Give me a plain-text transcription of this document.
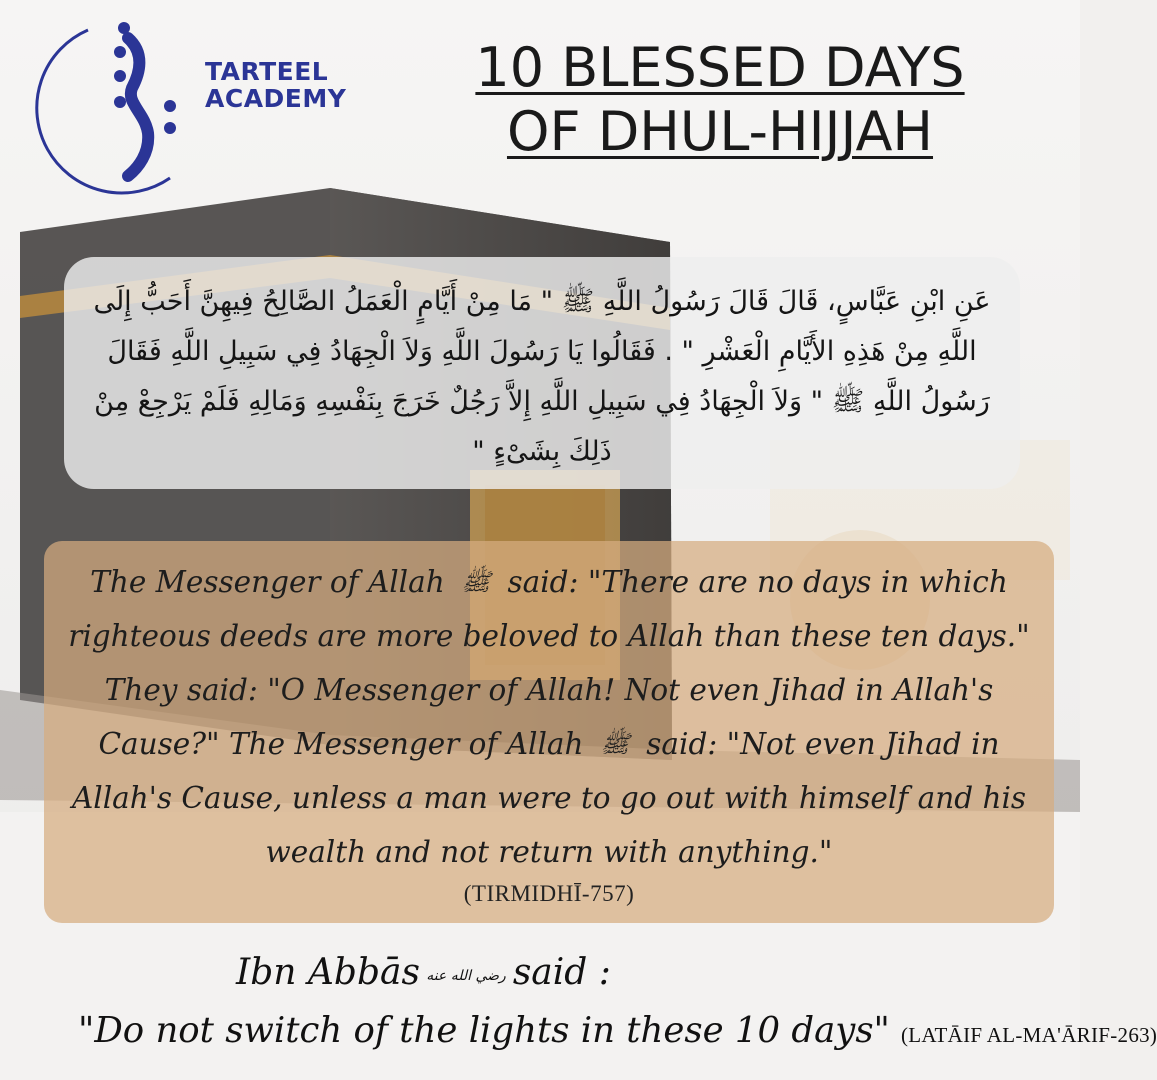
TARTEEL
ACADEMY	10 BLESSED DAYS
OF DHUL-HIJJAH
عَنِ ابْنِ عَبَّاسٍ، قَالَ قَالَ رَسُولُ اللَّهِ ﷺ " مَا مِنْ أَيَّامٍ الْعَمَلُ الصَّالِحُ فِيهِنَّ أَحَبُّ إِلَى اللَّهِ مِنْ هَذِهِ الأَيَّامِ الْعَشْرِ " . فَقَالُوا يَا رَسُولَ اللَّهِ وَلاَ الْجِهَادُ فِي سَبِيلِ اللَّهِ فَقَالَ رَسُولُ اللَّهِ ﷺ " وَلاَ الْجِهَادُ فِي سَبِيلِ اللَّهِ إِلاَّ رَجُلٌ خَرَجَ بِنَفْسِهِ وَمَالِهِ فَلَمْ يَرْجِعْ مِنْ ذَلِكَ بِشَىْءٍ "
The Messenger of Allah ﷺ said: "There are no days in which righteous deeds are more beloved to Allah than these ten days." They said: "O Messenger of Allah! Not even Jihad in Allah's Cause?" The Messenger of Allah ﷺ said: "Not even Jihad in Allah's Cause, unless a man were to go out with himself and his wealth and not return with anything."
(TIRMIDHĪ-757)
Ibn Abbās رضي الله عنه said :
"Do not switch of the lights in these 10 days" (LATĀIF AL-MA'ĀRIF-263)
